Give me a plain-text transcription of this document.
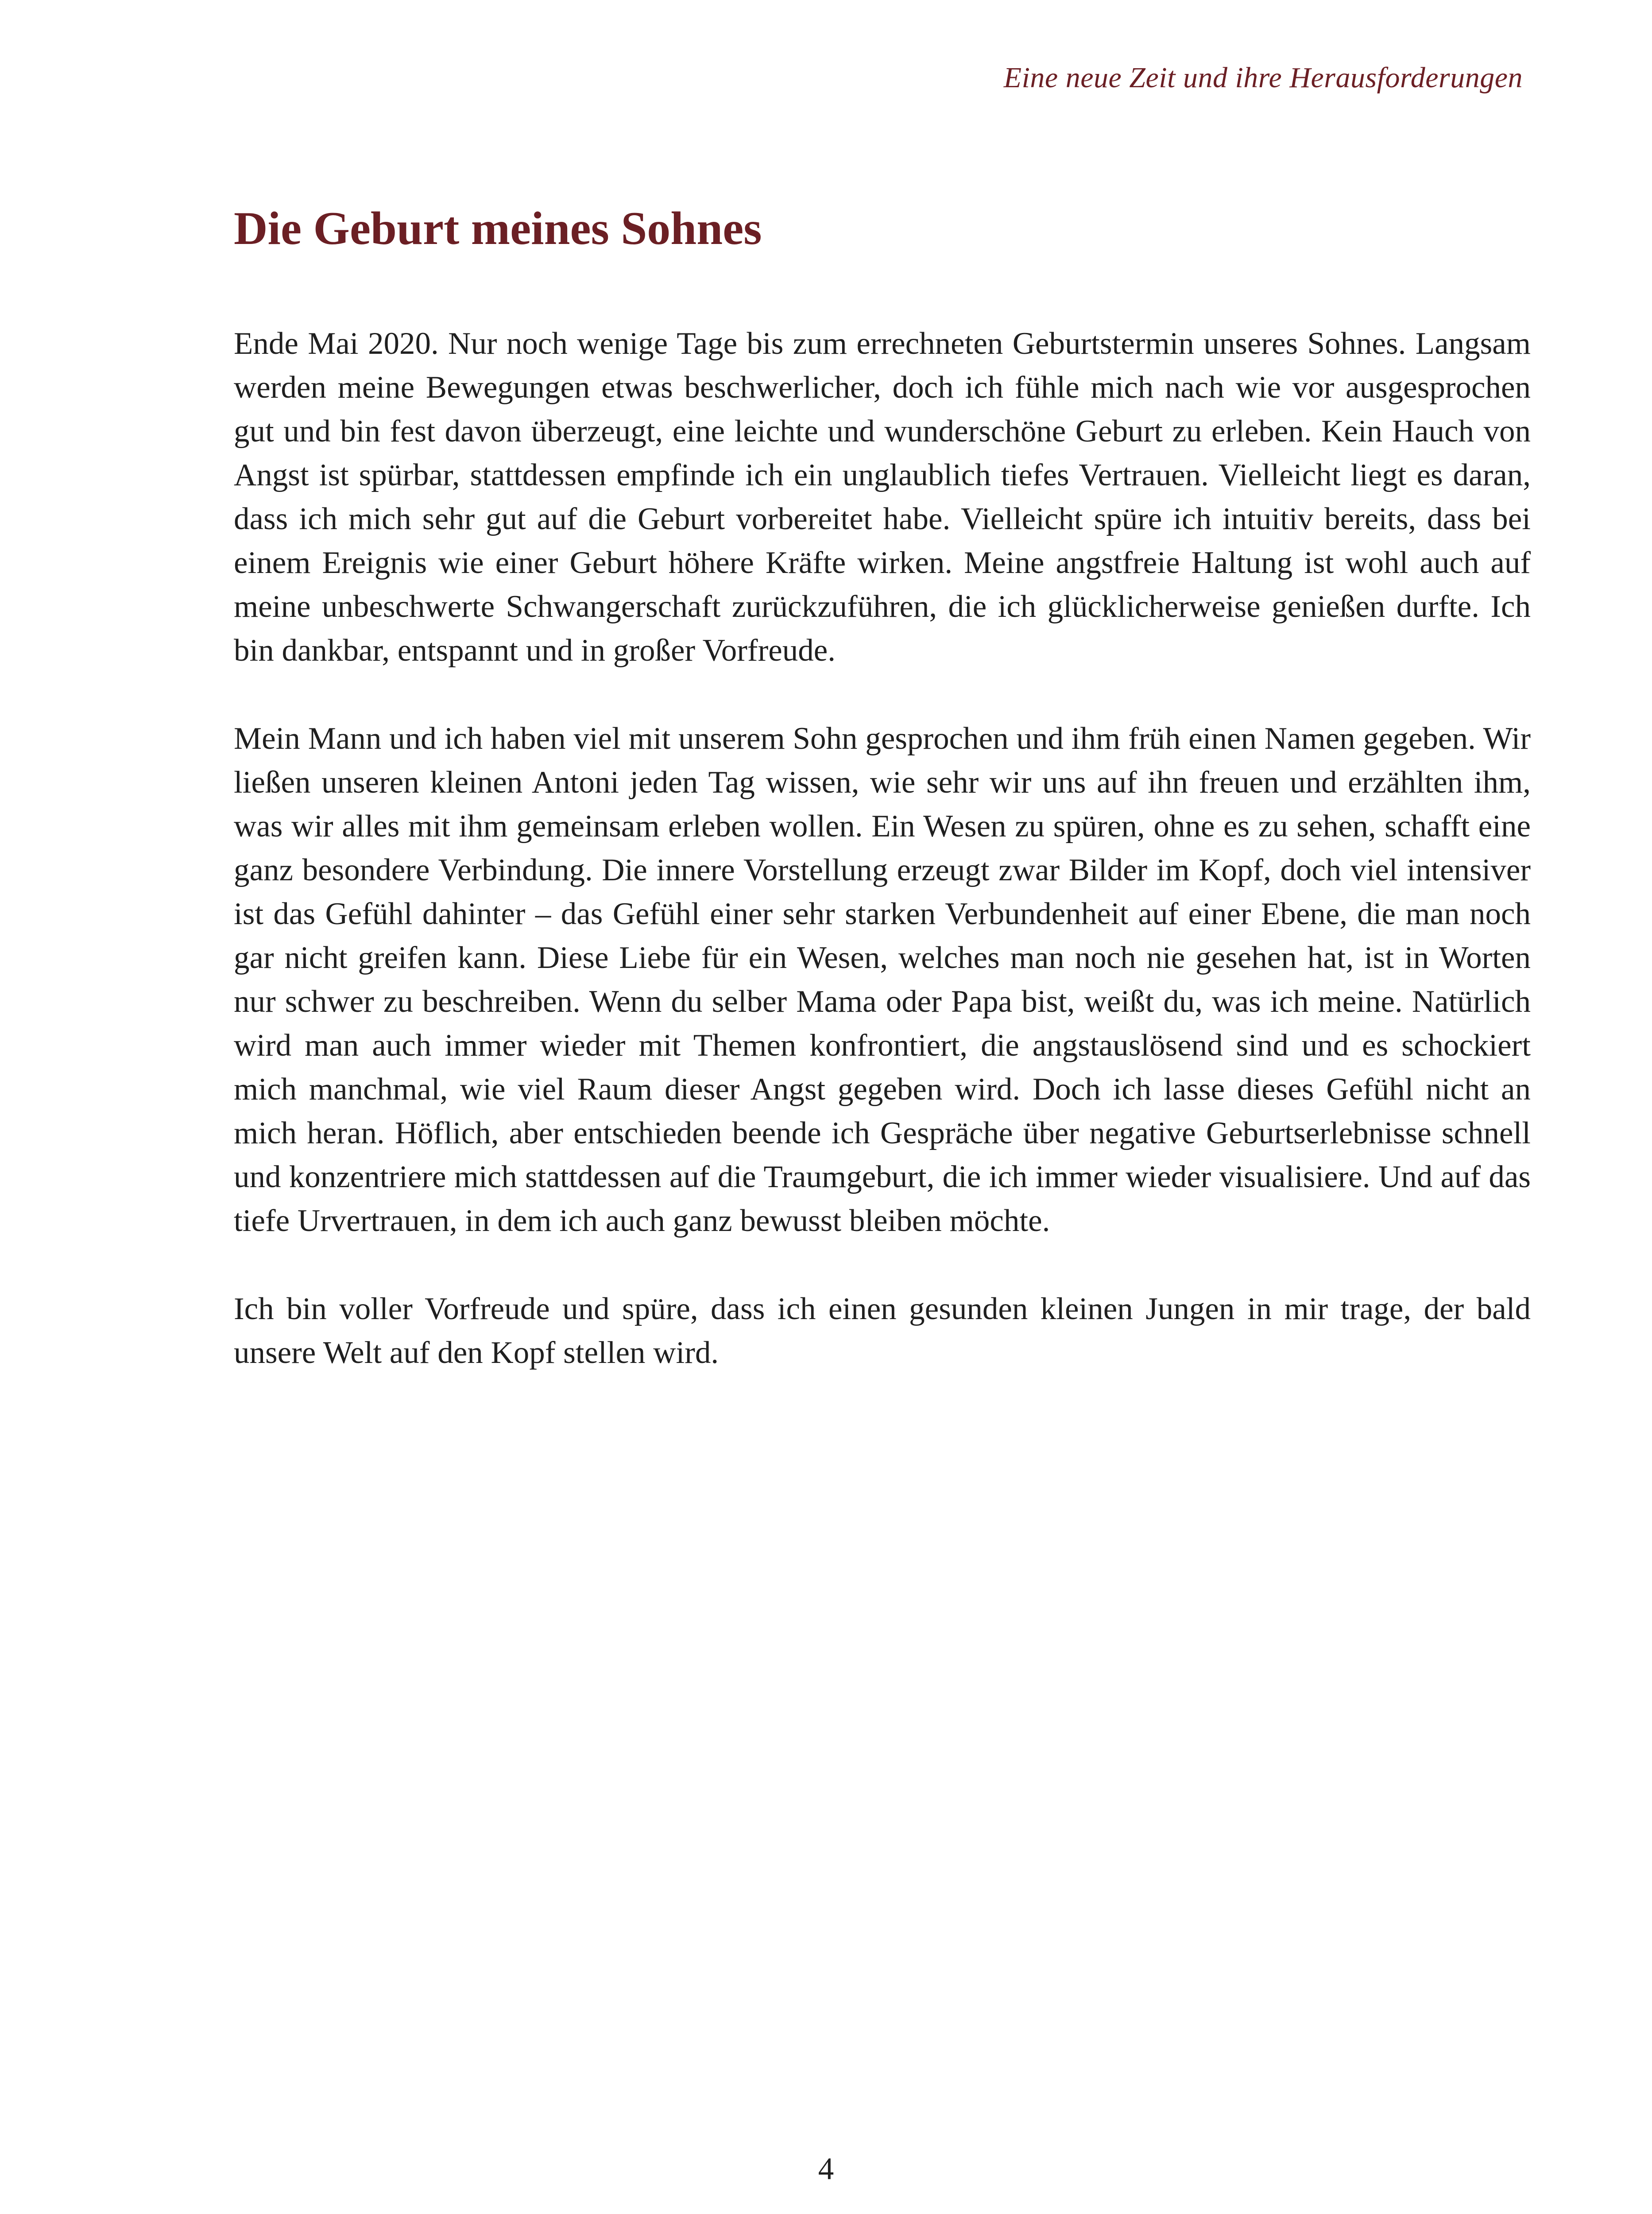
Eine neue Zeit und ihre Herausforderungen
Die Geburt meines Sohnes

Ende Mai 2020. Nur noch wenige Tage bis zum errechneten Geburtstermin unseres Sohnes. Langsam werden meine Bewegungen etwas beschwerlicher, doch ich fühle mich nach wie vor ausgesprochen gut und bin fest davon überzeugt, eine leichte und wunderschöne Geburt zu erleben. Kein Hauch von Angst ist spürbar, stattdessen empfinde ich ein unglaublich tiefes Vertrauen. Vielleicht liegt es daran, dass ich mich sehr gut auf die Geburt vorbereitet habe. Vielleicht spüre ich intuitiv bereits, dass bei einem Ereignis wie einer Geburt höhere Kräfte wirken. Meine angstfreie Haltung ist wohl auch auf meine unbeschwerte Schwangerschaft zurückzuführen, die ich glücklicherweise genießen durfte. Ich bin dankbar, entspannt und in großer Vorfreude.

Mein Mann und ich haben viel mit unserem Sohn gesprochen und ihm früh einen Namen gegeben. Wir ließen unseren kleinen Antoni jeden Tag wissen, wie sehr wir uns auf ihn freuen und erzählten ihm, was wir alles mit ihm gemeinsam erleben wollen. Ein Wesen zu spüren, ohne es zu sehen, schafft eine ganz besondere Verbindung. Die innere Vorstellung erzeugt zwar Bilder im Kopf, doch viel intensiver ist das Gefühl dahinter – das Gefühl einer sehr starken Verbundenheit auf einer Ebene, die man noch gar nicht greifen kann. Diese Liebe für ein Wesen, welches man noch nie gesehen hat, ist in Worten nur schwer zu beschreiben. Wenn du selber Mama oder Papa bist, weißt du, was ich meine. Natürlich wird man auch immer wieder mit Themen konfrontiert, die angstauslösend sind und es schockiert mich manchmal, wie viel Raum dieser Angst gegeben wird. Doch ich lasse dieses Gefühl nicht an mich heran. Höflich, aber entschieden beende ich Gespräche über negative Geburtserlebnisse schnell und konzentriere mich stattdessen auf die Traumgeburt, die ich immer wieder visualisiere. Und auf das tiefe Urvertrauen, in dem ich auch ganz bewusst bleiben möchte.

Ich bin voller Vorfreude und spüre, dass ich einen gesunden kleinen Jungen in mir trage, der bald unsere Welt auf den Kopf stellen wird.

4
